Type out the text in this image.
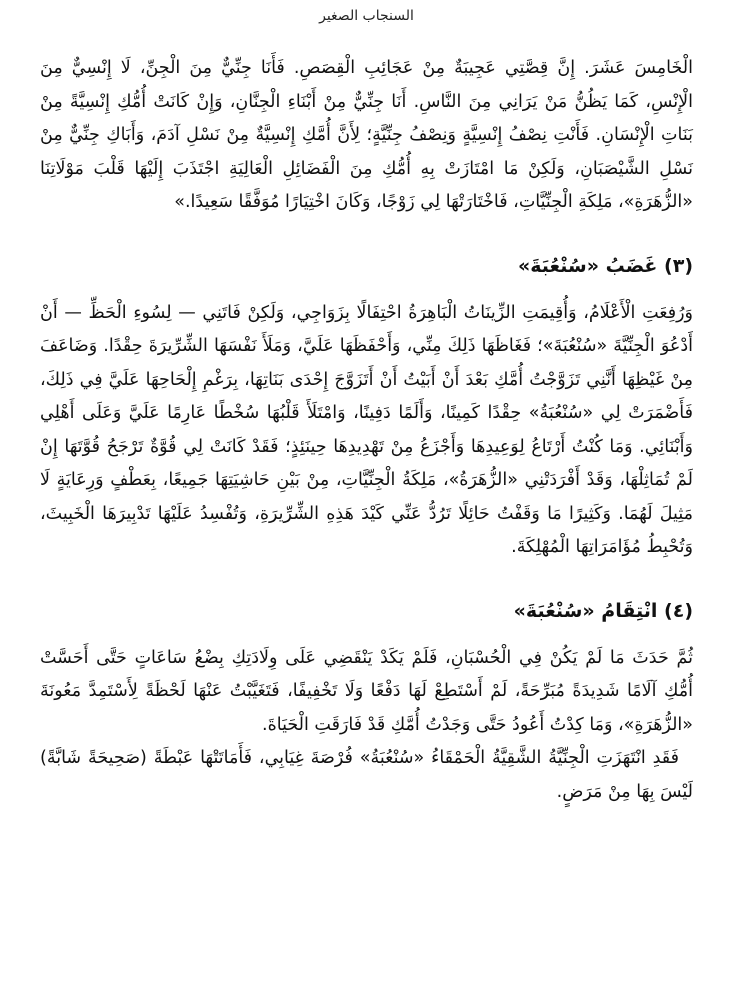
السنجاب الصغير

الْخَامِسَ عَشَرَ. إِنَّ قِصَّتِي عَجِيبَةٌ مِنْ عَجَائِبِ الْقِصَصِ. فَأَنَا جِنِّيٌّ مِنَ الْجِنِّ، لَا إِنْسِيٌّ مِنَ الْإِنْسِ، كَمَا يَظُنُّ مَنْ يَرَانِي مِنَ النَّاسِ. أَنَا جِنِّيٌّ مِنْ أَبْنَاءِ الْجِنَّانِ، وَإِنْ كَانَتْ أُمُّكِ إِنْسِيَّةً مِنْ بَنَاتِ الْإِنْسَانِ. فَأَنْتِ نِصْفُ إِنْسِيَّةٍ وَنِصْفُ جِنِّيَّةٍ؛ لِأَنَّ أُمَّكِ إِنْسِيَّةٌ مِنْ نَسْلِ آدَمَ، وَأَبَاكِ جِنِّيٌّ مِنْ نَسْلِ الشَّيْصَبَانِ، وَلَكِنْ مَا امْتَازَتْ بِهِ أُمُّكِ مِنَ الْفَضَائِلِ الْعَالِيَةِ اجْتَذَبَ إِلَيْهَا قَلْبَ مَوْلَاتِنَا «الزُّهَرَةِ»، مَلِكَةِ الْجِنِّيَّاتِ، فَاخْتَارَتْهَا لِي زَوْجًا، وَكَانَ اخْتِيَارًا مُوَفَّقًا سَعِيدًا.»

(٣) غَضَبُ «سُنْعُبَةَ»

وَرُفِعَتِ الْأَعْلَامُ، وَأُقِيمَتِ الزِّينَاتُ الْبَاهِرَةُ احْتِفَالًا بِزَوَاجِي، وَلَكِنْ فَاتَنِي — لِسُوءِ الْحَظِّ — أَنْ أَدْعُوَ الْجِنِّيَّةَ «سُنْعُبَةَ»؛ فَغَاظَهَا ذَلِكَ مِنِّي، وَأَحْفَظَهَا عَلَيَّ، وَمَلَأَ نَفْسَهَا الشِّرِّيرَةَ حِقْدًا. وَضَاعَفَ مِنْ غَيْظِهَا أَنَّنِي تَزَوَّجْتُ أُمَّكِ بَعْدَ أَنْ أَبَيْتُ أَنْ أَتَزَوَّجَ إِحْدَى بَنَاتِهَا، بِرَغْمِ إِلْحَاحِهَا عَلَيَّ فِي ذَلِكَ، فَأَضْمَرَتْ لِي «سُنْعُبَةُ» حِقْدًا كَمِينًا، وَأَلَمًا دَفِينًا، وَامْتَلَأَ قَلْبُهَا سُخْطًا عَارِمًا عَلَيَّ وَعَلَى أَهْلِي وَأَبْنَائِي. وَمَا كُنْتُ أَرْتَاعُ لِوَعِيدِهَا وَأَجْزَعُ مِنْ تَهْدِيدِهَا حِينَئِذٍ؛ فَقَدْ كَانَتْ لِي قُوَّةٌ تَرْجَحُ قُوَّتَهَا إِنْ لَمْ تُمَاثِلْهَا، وَقَدْ أَفْرَدَتْنِي «الزُّهَرَةُ»، مَلِكَةُ الْجِنِّيَّاتِ، مِنْ بَيْنِ حَاشِيَتِهَا جَمِيعًا، بِعَطْفٍ وَرِعَايَةٍ لَا مَثِيلَ لَهُمَا. وَكَثِيرًا مَا وَقَفْتُ حَائِلًا تَرُدُّ عَنِّي كَيْدَ هَذِهِ الشِّرِّيرَةِ، وَتُفْسِدُ عَلَيْهَا تَدْبِيرَهَا الْخَبِيثَ، وَتُحْبِطُ مُؤَامَرَاتِهَا الْمُهْلِكَةَ.

(٤) انْتِقَامُ «سُنْعُبَةَ»

ثُمَّ حَدَثَ مَا لَمْ يَكُنْ فِي الْحُسْبَانِ، فَلَمْ يَكَدْ يَنْقَضِي عَلَى وِلَادَتِكِ بِضْعُ سَاعَاتٍ حَتَّى أَحَسَّتْ أُمُّكِ آلَامًا شَدِيدَةً مُبَرِّحَةً، لَمْ أَسْتَطِعْ لَهَا دَفْعًا وَلَا تَخْفِيفًا، فَتَغَيَّبْتُ عَنْهَا لَحْظَةً لِأَسْتَمِدَّ مَعُونَةَ «الزُّهَرَةِ»، وَمَا كِدْتُ أَعُودُ حَتَّى وَجَدْتُ أُمَّكِ قَدْ فَارَقَتِ الْحَيَاةَ.

فَقَدِ انْتَهَزَتِ الْجِنِّيَّةُ الشَّقِيَّةُ الْحَمْقَاءُ «سُنْعُبَةُ» فُرْصَةَ غِيَابِي، فَأَمَاتَتْهَا عَبْطَةً (صَحِيحَةً شَابَّةً) لَيْسَ بِهَا مِنْ مَرَضٍ.
